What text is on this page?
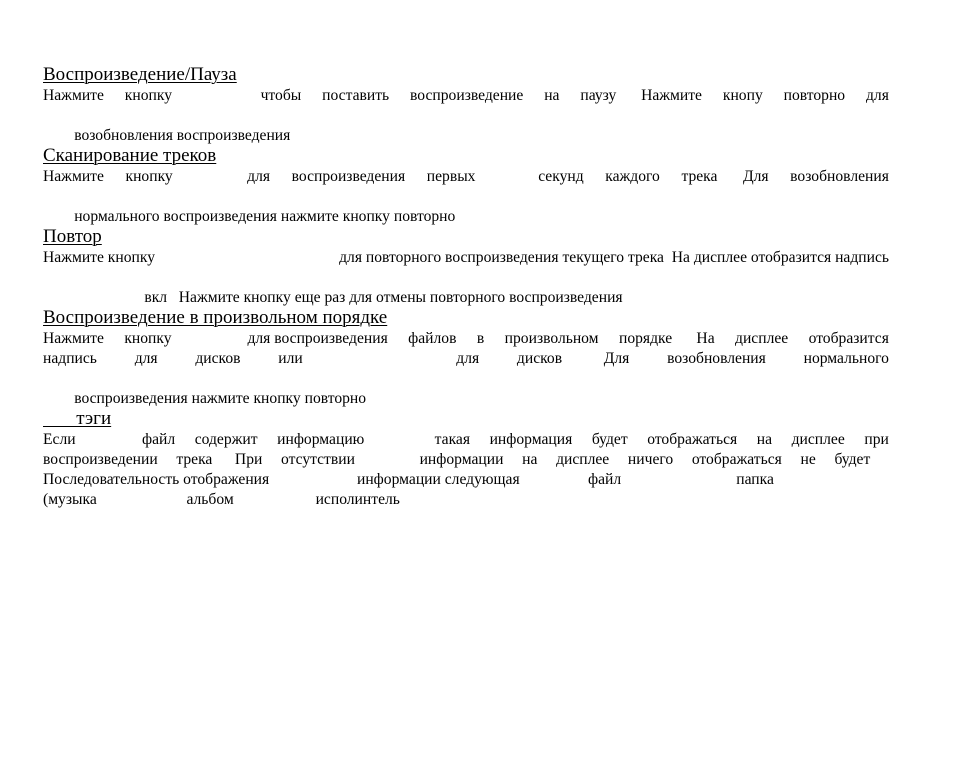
Воспроизведение/Пауза
Нажмите кнопку
	чтобы поставить воспроизведение на паузу Нажмите кнопу повторно для

возобновления воспроизведения

Сканирование треков
Нажмите кнопку
	для воспроизведения первых
	секунд каждого трека Для возобновления

нормального воспроизведения нажмите кнопку повторно

Повтор
Нажмите кнопку
	для повторного воспроизведения текущего трека  На дисплее отобразится надпись

вкл   Нажмите кнопку еще раз для отмены повторного воспроизведения

Воспроизведение в произвольном порядке
Нажмите кнопку
	для воспроизведения файлов в произвольном порядке На дисплее отобразится
надпись для дисков или
	для дисков Для возобновления нормального

воспроизведения нажмите кнопку повторно

тэги
Если
	файл содержит информацию
	такая информация будет отображаться на дисплее при
воспроизведении трека При отсутствии
	информации на дисплее ничего отображаться не будет
Последовательность отображения
	информации следующая
	файл
	папка

(музыка
	альбом
	исполинтель
